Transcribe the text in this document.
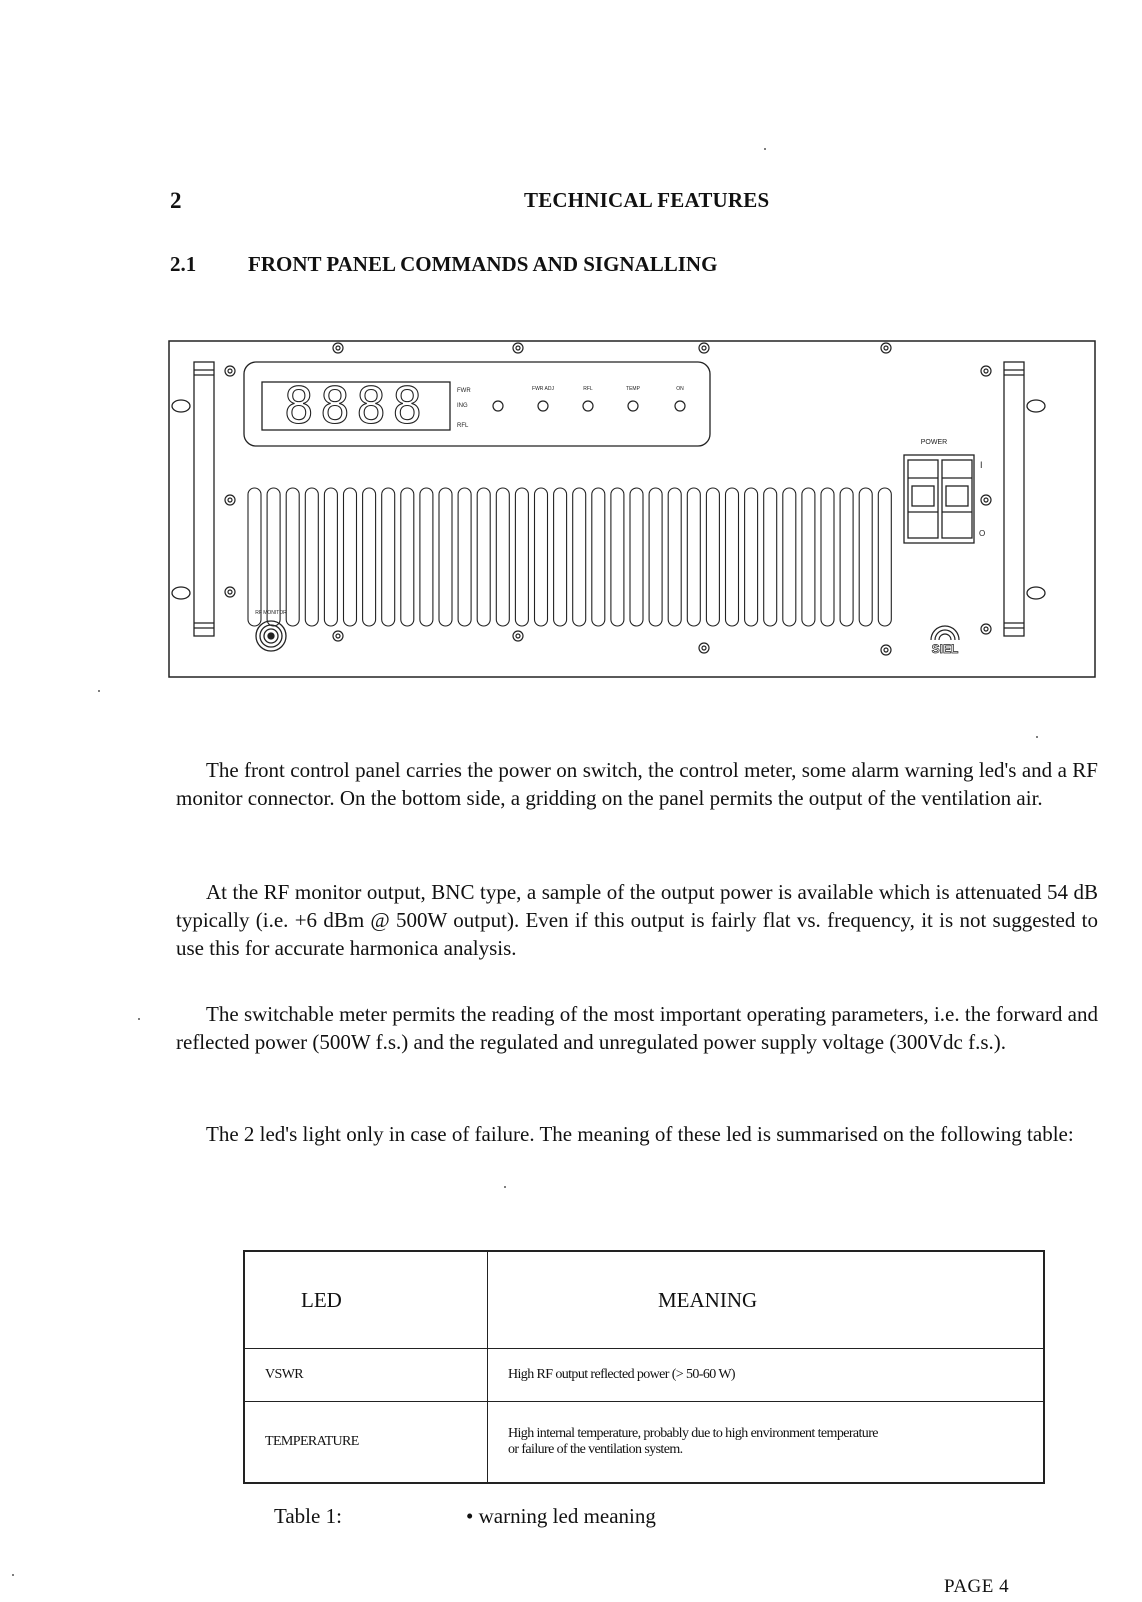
2	TECHNICAL FEATURES
2.1 FRONT PANEL COMMANDS AND SIGNALLING
8888	FWR
ING
RFL
FWR ADJ	RFL	TEMP	ON
POWER
I
O
RF MONITOR
SIEL
The front control panel carries the power on switch, the control meter, some alarm warning led's and a RF monitor connector. On the bottom side, a gridding on the panel permits the output of the ventilation air.
At the RF monitor output, BNC type, a sample of the output power is available which is attenuated 54 dB typically (i.e. +6 dBm @ 500W output). Even if this output is fairly flat vs. frequency, it is not suggested to use this for accurate harmonica analysis.
The switchable meter permits the reading of the most important operating parameters, i.e. the forward and reflected power (500W f.s.) and the regulated and unregulated power supply voltage (300Vdc f.s.).
The 2 led's light only in case of failure. The meaning of these led is summarised on the following table:
LED	MEANING
VSWR	High RF output reflected power (> 50-60 W)
TEMPERATURE	High internal temperature, probably due to high environment temperature
or failure of the ventilation system.
Table 1:	• warning led meaning
PAGE 4
